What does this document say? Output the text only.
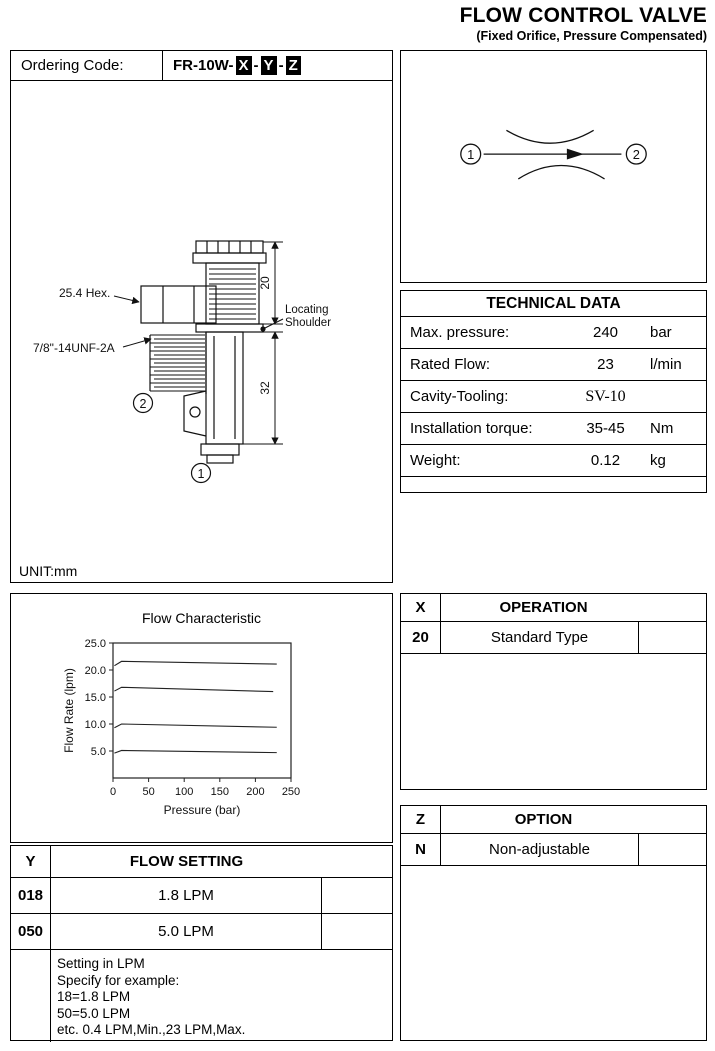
FLOW CONTROL VALVE
(Fixed Orifice, Pressure Compensated)
Ordering Code:	FR-10W- X - Y - Z
25.4 Hex.
7/8"-14UNF-2A
20
32
Locating
Shoulder
2
1
UNIT:mm
1	2
TECHNICAL DATA
Max. pressure:	240	bar
Rated Flow:	23	l/min
Cavity-Tooling:	SV-10
Installation torque:	35-45	Nm
Weight:	0.12	kg
5.0
10.0
15.0
20.0
25.0
0 50 100 150 200 250
Flow Rate (lpm)
Pressure (bar)
Flow Characteristic
X	OPERATION
20	Standard Type
Z	OPTION
N	Non-adjustable
Y	FLOW SETTING
018	1.8 LPM
050	5.0 LPM
Setting in LPM
Specify for example:
18=1.8 LPM
50=5.0 LPM
etc. 0.4 LPM,Min.,23 LPM,Max.
